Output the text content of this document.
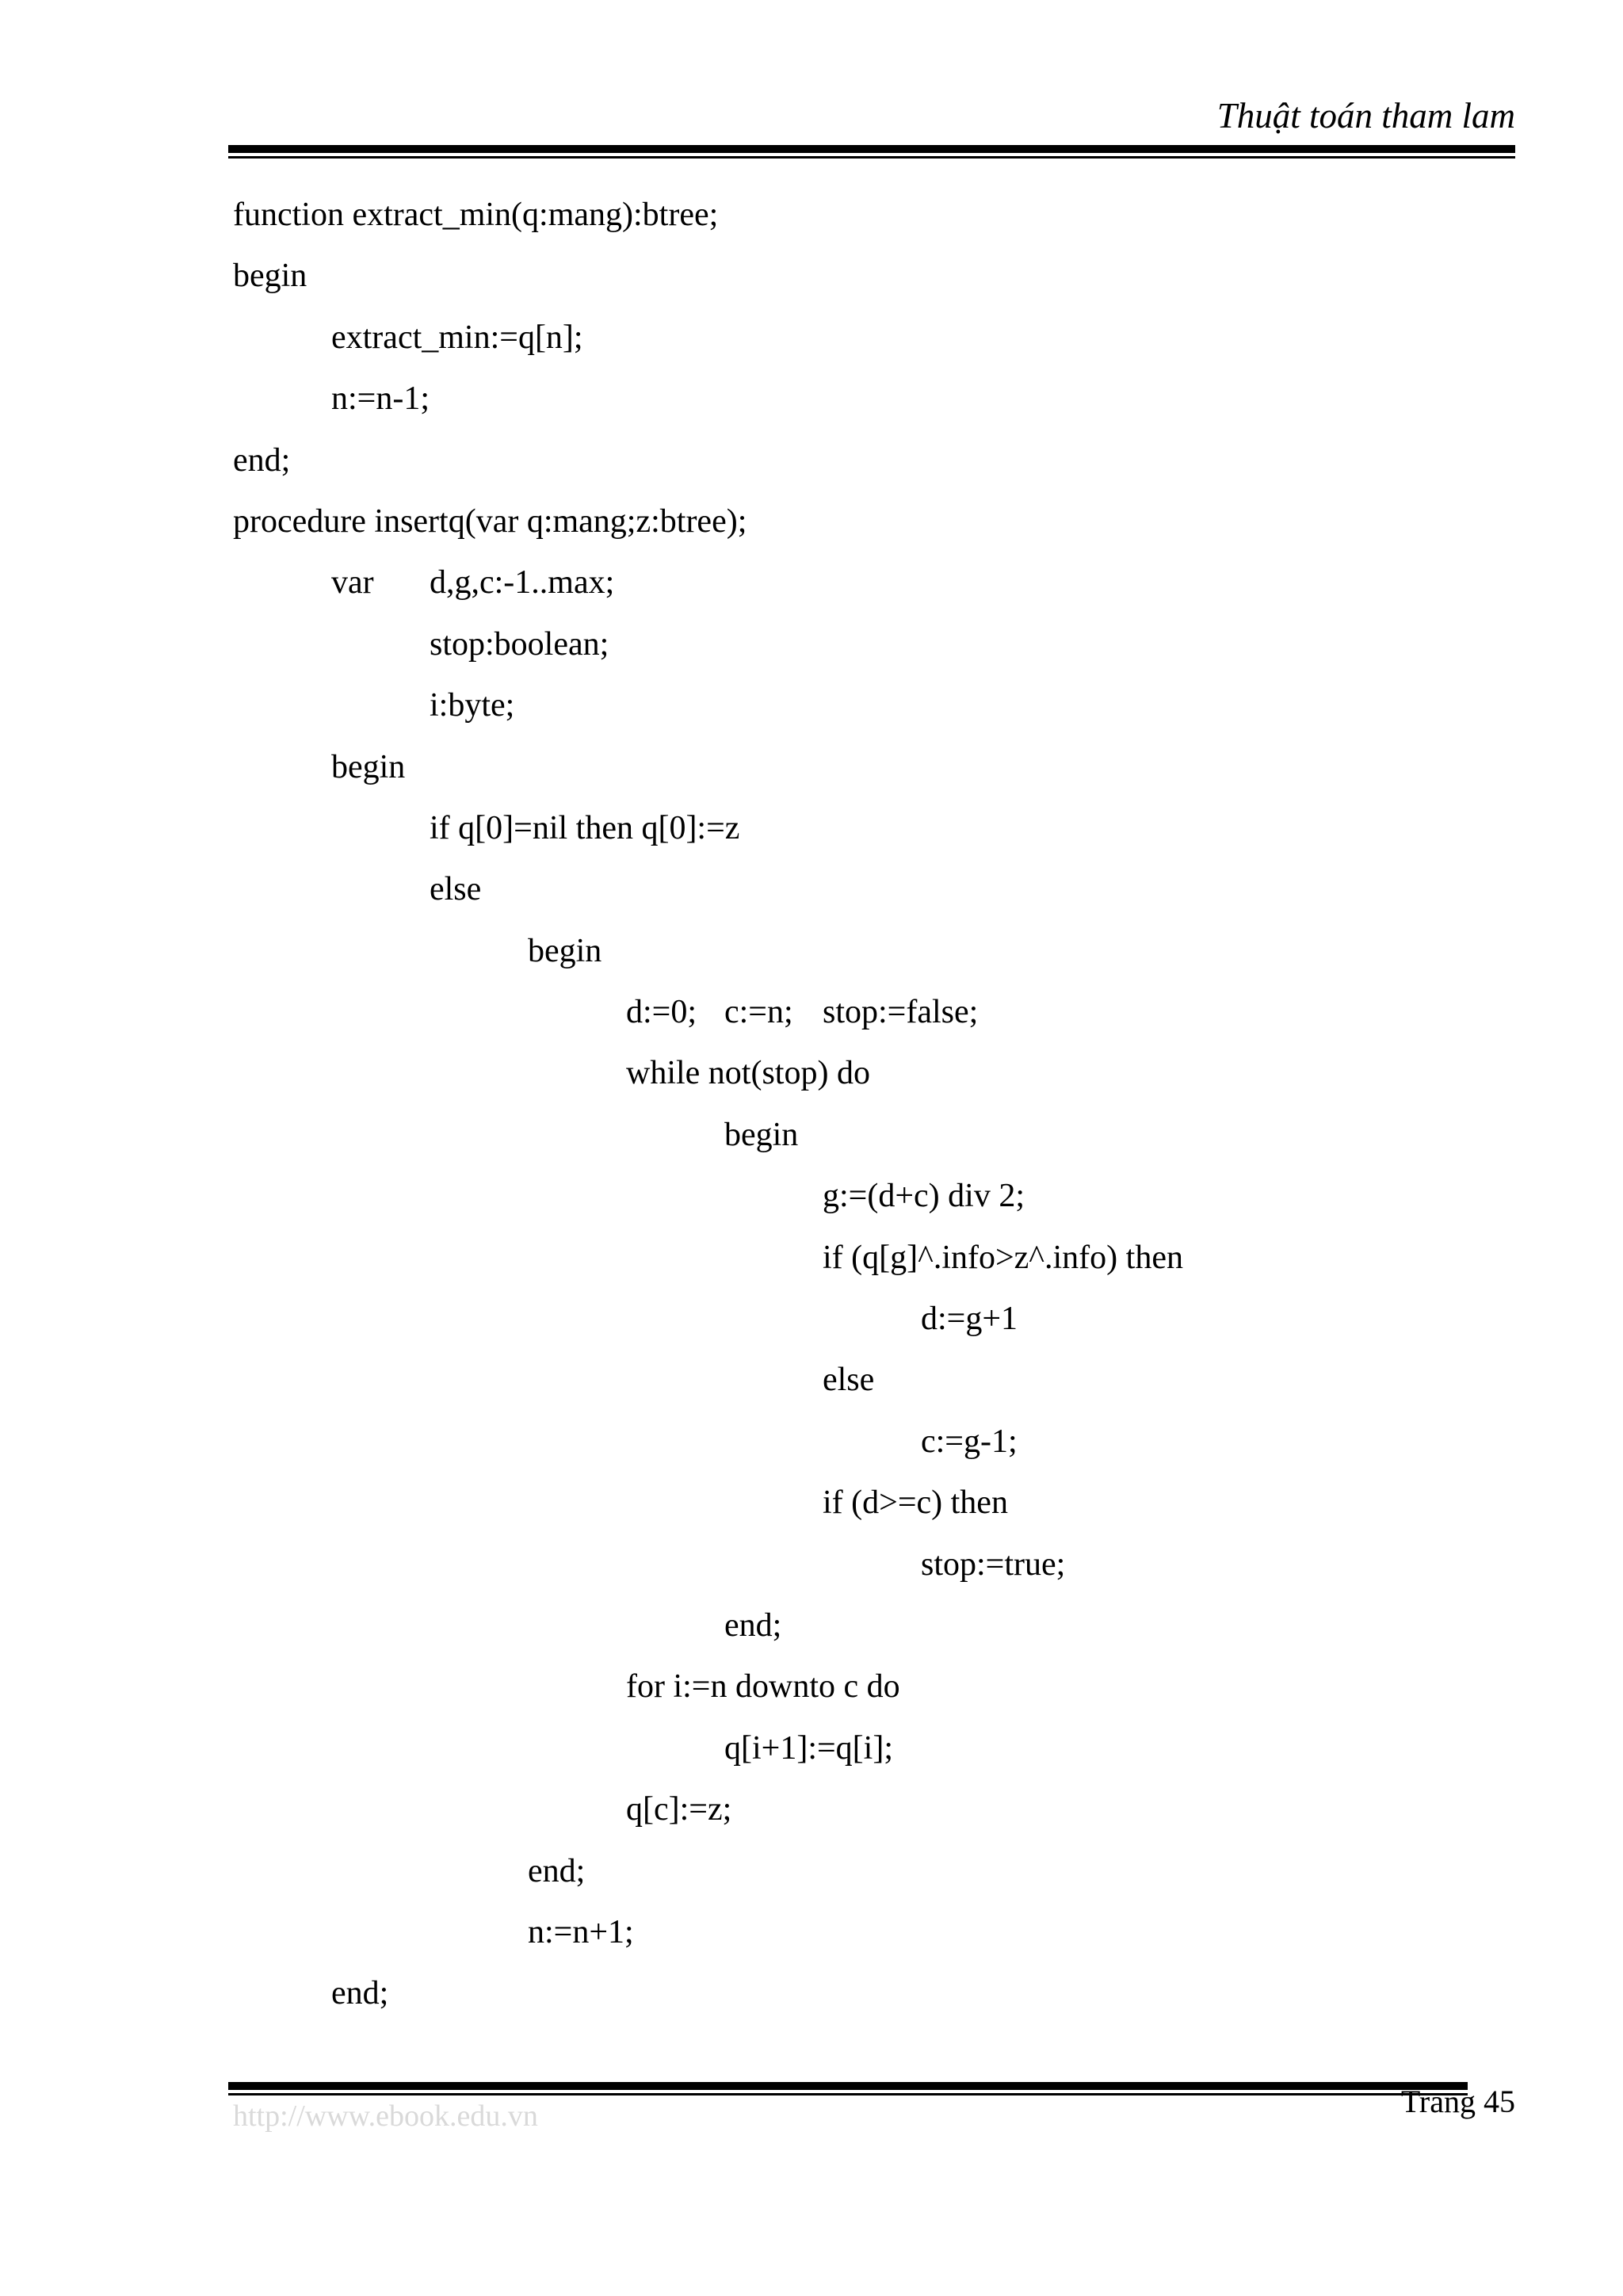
Thuật toán tham lam
function extract_min(q:mang):btree;
begin
extract_min:=q[n];
n:=n-1;
end;
procedure insertq(var q:mang;z:btree);
var d,g,c:-1..max;
stop:boolean;
i:byte;
begin
if q[0]=nil then q[0]:=z
else
begin
d:=0; c:=n; stop:=false;
while not(stop) do
begin
g:=(d+c) div 2;
if (q[g]^.info>z^.info) then
d:=g+1
else
c:=g-1;
if (d>=c) then
stop:=true;
end;
for i:=n downto c do
q[i+1]:=q[i];
q[c]:=z;
end;
n:=n+1;
end;
http://www.ebook.edu.vn	Trang 45
